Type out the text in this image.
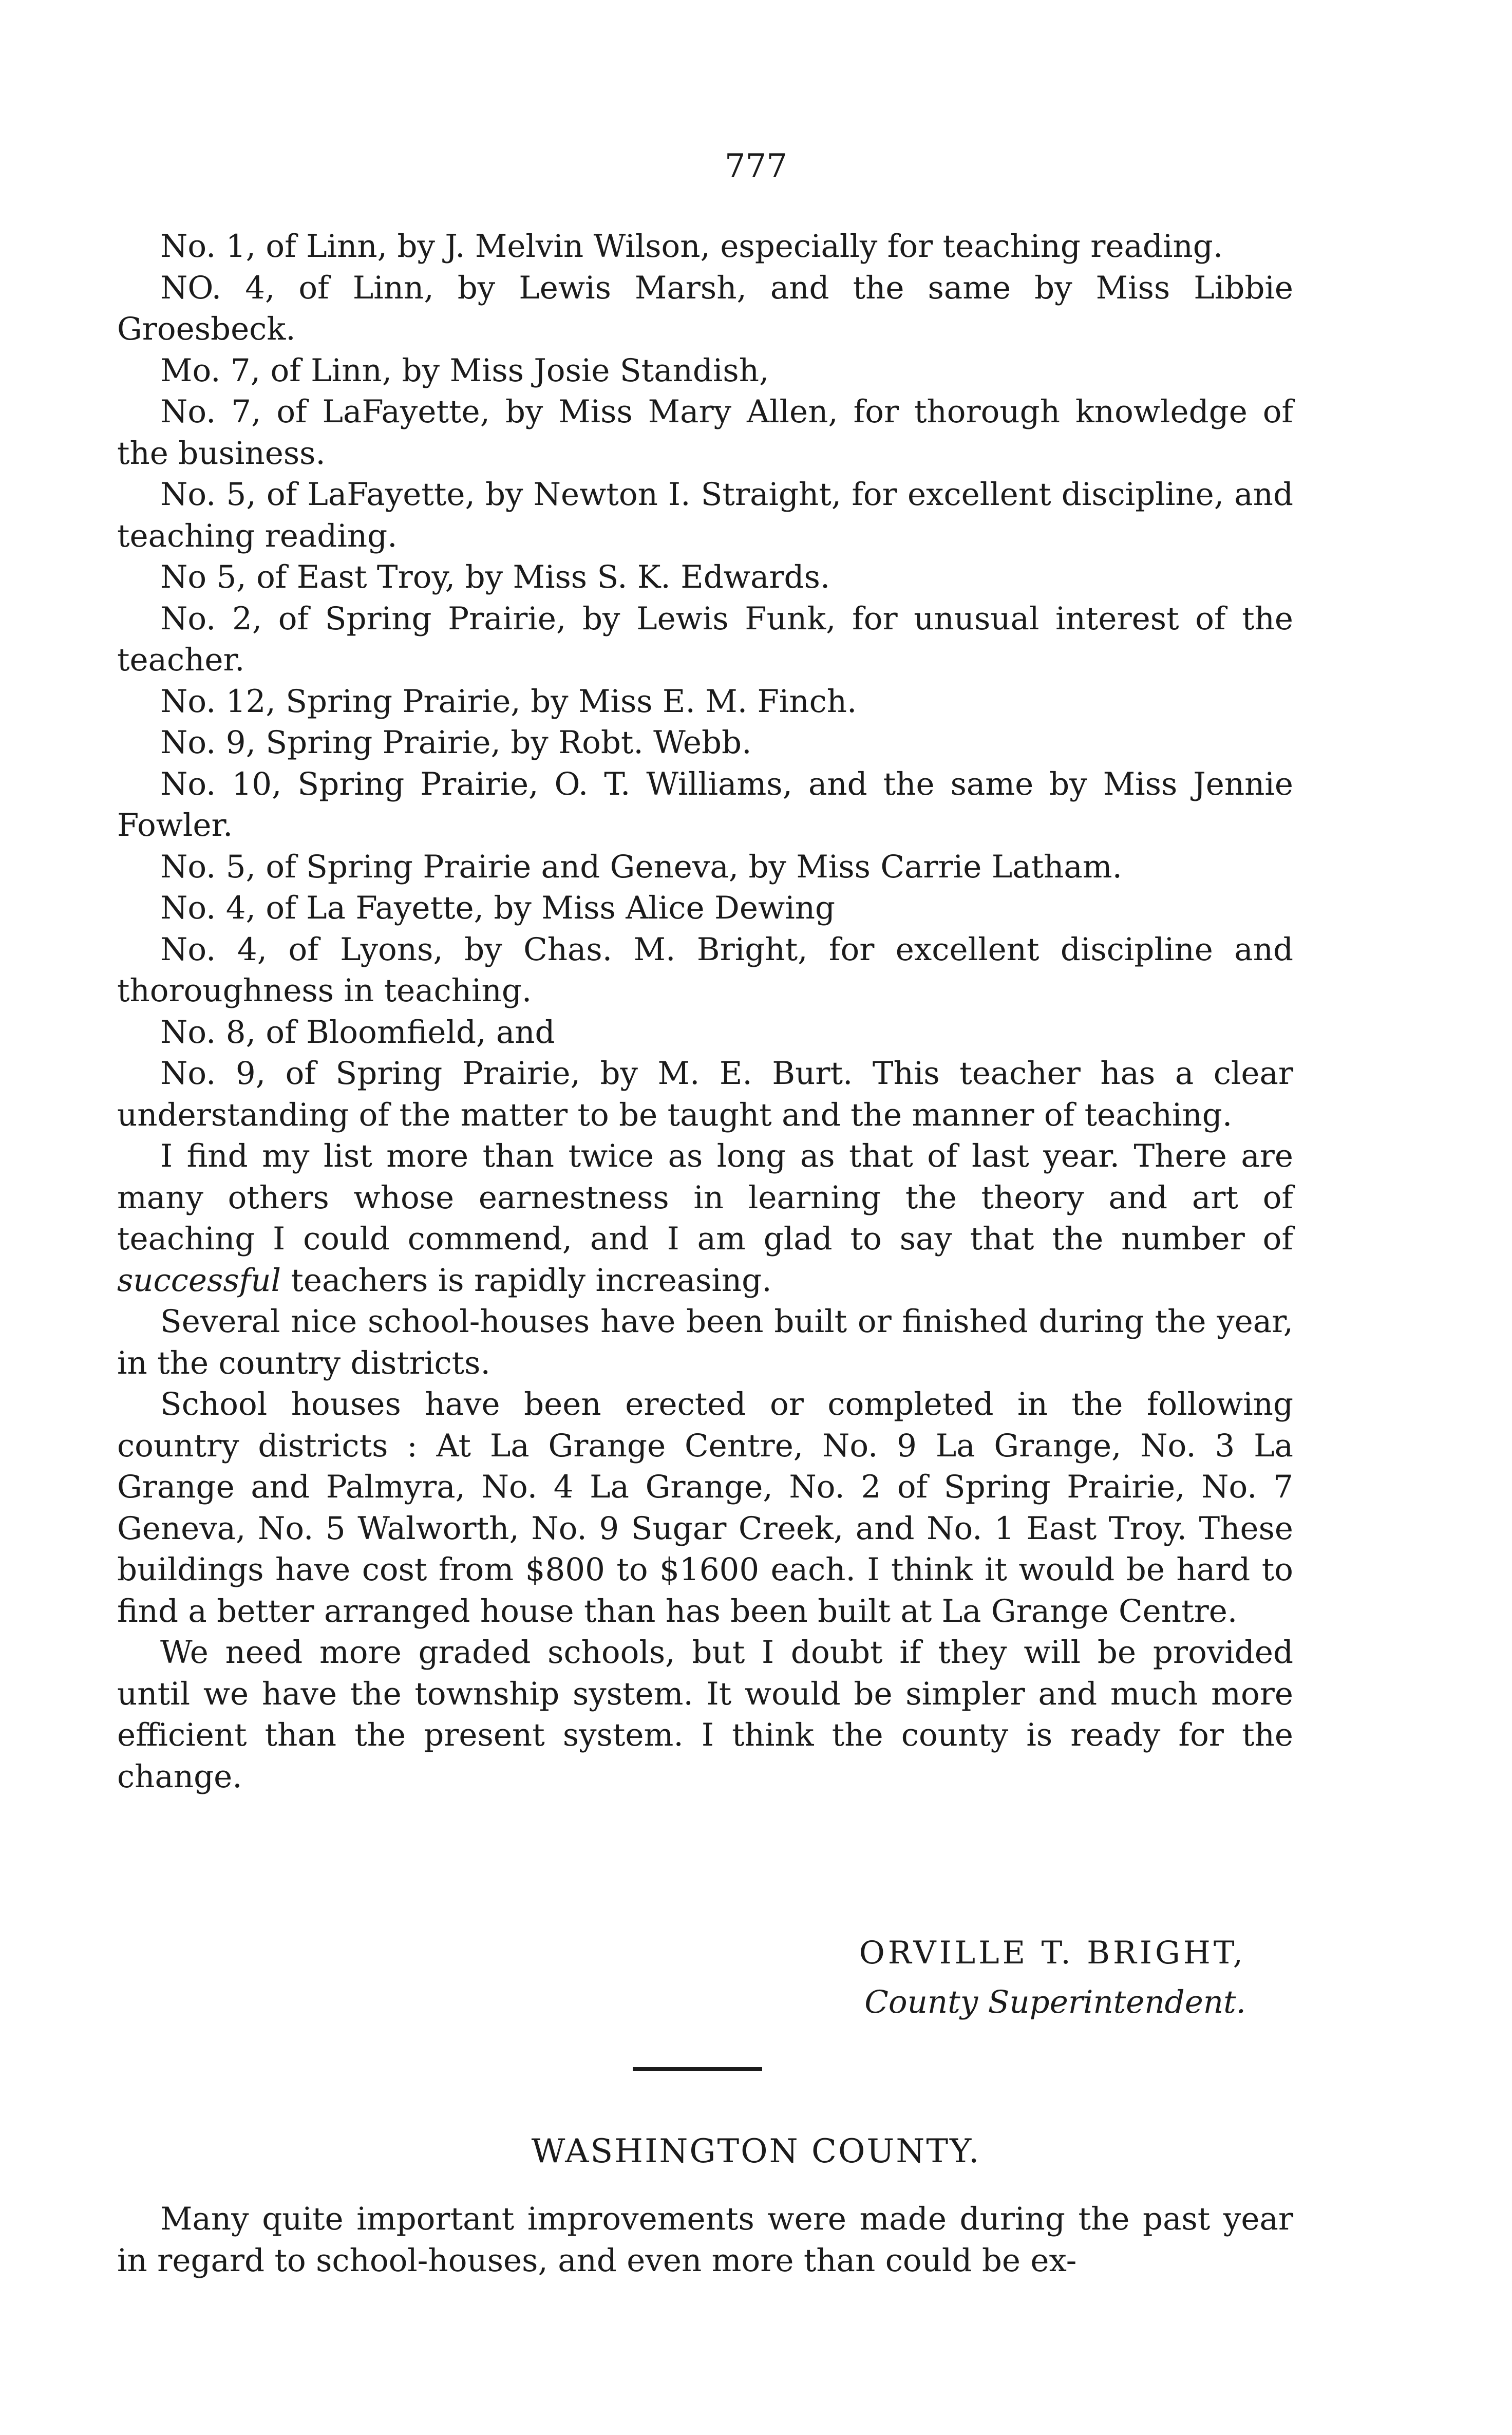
777

No. 1, of Linn, by J. Melvin Wilson, especially for teaching reading.

NO. 4, of Linn, by Lewis Marsh, and the same by Miss Libbie Groesbeck.

Mo. 7, of Linn, by Miss Josie Standish,

No. 7, of LaFayette, by Miss Mary Allen, for thorough knowledge of the business.

No. 5, of LaFayette, by Newton I. Straight, for excellent discipline, and teaching reading.

No 5, of East Troy, by Miss S. K. Edwards.

No. 2, of Spring Prairie, by Lewis Funk, for unusual interest of the teacher.

No. 12, Spring Prairie, by Miss E. M. Finch.

No. 9, Spring Prairie, by Robt. Webb.

No. 10, Spring Prairie, O. T. Williams, and the same by Miss Jennie Fowler.

No. 5, of Spring Prairie and Geneva, by Miss Carrie Latham.

No. 4, of La Fayette, by Miss Alice Dewing

No. 4, of Lyons, by Chas. M. Bright, for excellent discipline and thoroughness in teaching.

No. 8, of Bloomfield, and

No. 9, of Spring Prairie, by M. E. Burt. This teacher has a clear understanding of the matter to be taught and the manner of teaching.

I find my list more than twice as long as that of last year. There are many others whose earnestness in learning the theory and art of teaching I could commend, and I am glad to say that the number of successful teachers is rapidly increasing.

Several nice school-houses have been built or finished during the year, in the country districts.

School houses have been erected or completed in the following country districts : At La Grange Centre, No. 9 La Grange, No. 3 La Grange and Palmyra, No. 4 La Grange, No. 2 of Spring Prairie, No. 7 Geneva, No. 5 Walworth, No. 9 Sugar Creek, and No. 1 East Troy. These buildings have cost from $800 to $1600 each. I think it would be hard to find a better arranged house than has been built at La Grange Centre.

We need more graded schools, but I doubt if they will be provided until we have the township system. It would be simpler and much more efficient than the present system. I think the county is ready for the change.

ORVILLE T. BRIGHT,
County Superintendent.
WASHINGTON COUNTY.

Many quite important improvements were made during the past year in regard to school-houses, and even more than could be ex-
